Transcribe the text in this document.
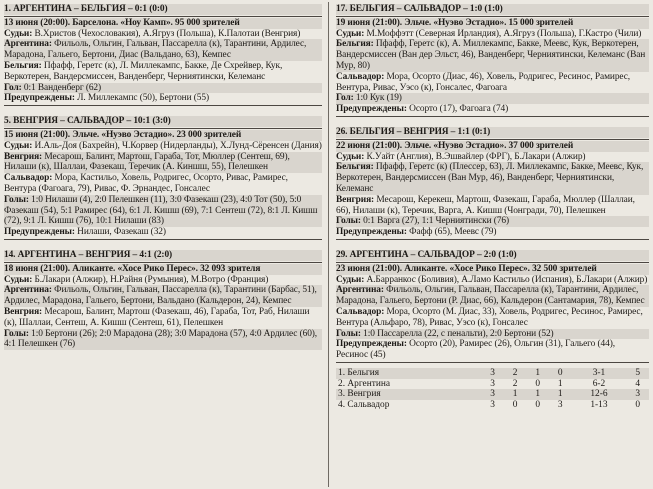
1. АРГЕНТИНА – БЕЛЬГИЯ – 0:1 (0:0)

13 июня (20:00). Барселона. «Ноу Камп». 95 000 зрителей

Судьи: В.Христов (Чехословакия), А.Ягруз (Польша), К.Палотаи (Венгрия)

Аргентина: Фильоль, Ольгин, Гальван, Пассарелла (к), Тарантини, Ардилес, Марадона, Гальего, Бертони, Диас (Вальдано, 63), Кемпес

Бельгия: Пфафф, Геретс (к), Л. Миллекампс, Бакке, Де Схрейвер, Кук, Веркотерен, Вандерсмиссен, Ванденберг, Черниятински, Келеманс

Гол: 0:1 Ванденберг (62)

Предупреждены: Л. Миллекампс (50), Бертони (55)

5. ВЕНГРИЯ – САЛЬВАДОР – 10:1 (3:0)

15 июня (21:00). Эльче. «Нуэво Эстадио». 23 000 зрителей

Судьи: И.Аль-Доя (Бахрейн), Ч.Корвер (Нидерланды), Х.Лунд-Сёренсен (Дания)

Венгрия: Месарош, Балинт, Мартош, Гараба, Тот, Мюллер (Сентеш, 69), Нилаши (к), Шаллаи, Фазекаш, Теречик (А. Киншш, 55), Пелешкен

Сальвадор: Мора, Кастильо, Ховель, Родригес, Осорто, Ривас, Рамирес, Вентура (Фагоага, 79), Ривас, Ф. Эрнандес, Гонсалес

Голы: 1:0 Нилаши (4), 2:0 Пелешкен (11), 3:0 Фазекаш (23), 4:0 Тот (50), 5:0 Фазекаш (54), 5:1 Рамирес (64), 6:1 Л. Кишш (69), 7:1 Сентеш (72), 8:1 Л. Кишш (72), 9:1 Л. Кишш (76), 10:1 Нилаши (83)

Предупреждены: Нилаши, Фазекаш (32)

14. АРГЕНТИНА – ВЕНГРИЯ – 4:1 (2:0)

18 июня (21:00). Аликанте. «Хосе Рико Перес». 32 093 зрителя

Судьи: Б.Лакари (Алжир), Н.Райня (Румыния), М.Вотро (Франция)

Аргентина: Фильоль, Ольгин, Гальван, Пассарелла (к), Тарантини (Барбас, 51), Ардилес, Марадона, Гальего, Бертони, Вальдано (Кальдерон, 24), Кемпес

Венгрия: Месарош, Балинт, Мартош (Фазекаш, 46), Гараба, Тот, Раб, Нилаши (к), Шаллаи, Сентеш, А. Кишш (Сентеш, 61), Пелешкен

Голы: 1:0 Бертони (26); 2:0 Марадона (28); 3:0 Марадона (57), 4:0 Ардилес (60), 4:1 Пелешкен (76)

17. БЕЛЬГИЯ – САЛЬВАДОР – 1:0 (1:0)

19 июня (21:00). Эльче. «Нуэво Эстадио». 15 000 зрителей

Судьи: М.Моффэтт (Северная Ирландия), А.Ягруз (Польша), Г.Кастро (Чили)

Бельгия: Пфафф, Геретс (к), А. Миллекампс, Бакке, Меевс, Кук, Веркотерен, Вандерсмиссен (Ван дер Эльст, 46), Ванденберг, Черниятински, Келеманс (Ван Мур, 80)

Сальвадор: Мора, Осорто (Диас, 46), Ховель, Родригес, Ресинос, Рамирес, Вентура, Ривас, Уэсо (к), Гонсалес, Фагоага

Гол: 1:0 Кук (19)

Предупреждены: Осорто (17), Фагоага (74)

26. БЕЛЬГИЯ – ВЕНГРИЯ – 1:1 (0:1)

22 июня (21:00). Эльче. «Нуэво Эстадио». 37 000 зрителей

Судьи: К.Уайт (Англия), В.Эшвайлер (ФРГ), Б.Лакари (Алжир)

Бельгия: Пфафф, Геретс (к) (Плессер, 63), Л. Миллекампс, Бакке, Меевс, Кук, Веркотерен, Вандерсмиссен (Ван Мур, 46), Ванденберг, Черниятински, Келеманс

Венгрия: Месарош, Керекеш, Мартош, Фазекаш, Гараба, Мюллер (Шаллаи, 66), Нилаши (к), Теречик, Варга, А. Кишш (Чонгради, 70), Пелешкен

Голы: 0:1 Варга (27), 1:1 Черниятински (76)

Предупреждены: Фафф (65), Меевс (79)

29. АРГЕНТИНА – САЛЬВАДОР – 2:0 (1:0)

23 июня (21:00). Аликанте. «Хосе Рико Перес». 32 500 зрителей

Судьи: А.Барранкос (Боливия), А.Ламо Кастильо (Испания), Б.Лакари (Алжир)

Аргентина: Фильоль, Ольгин, Гальван, Пассарелла (к), Тарантини, Ардилес, Марадона, Гальего, Бертони (Р. Диас, 66), Кальдерон (Сантамария, 78), Кемпес

Сальвадор: Мора, Осорто (М. Диас, 33), Ховель, Родригес, Ресинос, Рамирес, Вентура (Альфаро, 78), Ривас, Уэсо (к), Гонсалес

Голы: 1:0 Пассарелла (22, с пенальти), 2:0 Бертони (52)

Предупреждены: Осорто (20), Рамирес (26), Ольгин (31), Гальего (44), Ресинос (45)

1. Бельгия	3	2	1	0	3-1	5
2. Аргентина	3	2	0	1	6-2	4
3. Венгрия	3	1	1	1	12-6	3
4. Сальвадор	3	0	0	3	1-13	0
